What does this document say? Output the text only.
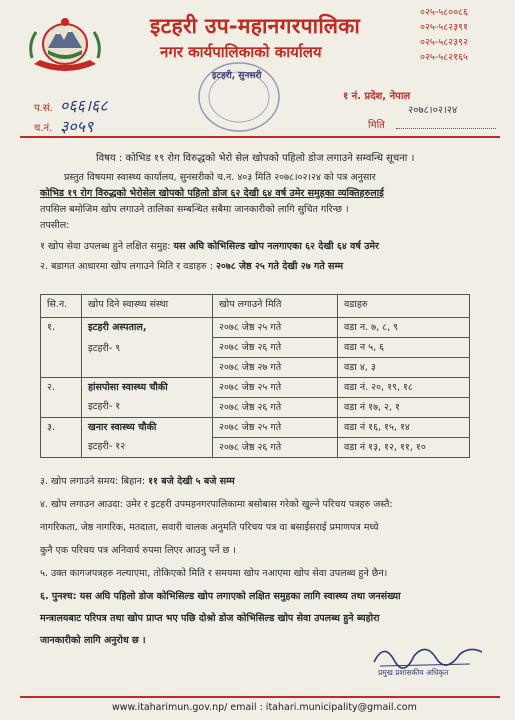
इटहरी उप-महानगरपालिका
नगर कार्यपालिकाको कार्यालय
०२५-५८००८६
०२५-५८२३९१
०२५-५८२३९२
०२५-५८२१६५
इटहरी, सुनसरी
१ नं. प्रदेश, नेपाल
२०७८।०२।२४
मिति
प.सं. ०६६।६८
च.नं. ३०५९
विषय : कोभिड १९ रोग विरुद्धको भेरो सेल खोपको पहिलो डोज लगाउने सम्वन्धि सूचना ।
प्रस्तुत विषयमा स्वास्थ्य कार्यालय, सुनसरीको च.न. ४०३ मिति २०७८।०२।२४ को पत्र अनुसार
कोभिड १९ रोग विरुद्धको भेरोसेल खोपको पहिलो डोज ६२ देखी ६४ वर्ष उमेर समुहका व्यक्तिहरुलाई
तपसिल बमोजिम खोप लगाउने तालिका सम्बन्धित सबैमा जानकारीको लागि सुचित गरिन्छ ।
तपसील:
१ खोप सेवा उपलब्ध हुने लक्षित समुह: यस अघि कोभिसिल्ड खोप नलगाएका ६२ देखी ६४ वर्ष उमेर
२. बडागत आधारमा खोप लगाउने मिति र वडाहरु : २०७८ जेष्ठ २५ गते देखी २७ गते सम्म
सि.न.	खोप दिने स्वास्थ्य संस्था	खोप लगाउने मिति	वडाहरु
१.	इटहरी अस्पताल,
इटहरी- ९	२०७८ जेष्ठ २५ गते	वडा न. ७, ८, ९
		२०७८ जेष्ठ २६ गते	वडा न ५, ६
		२०७८ जेष्ठ २७ गते	वडा ४, ३
२.	हांसपोसा स्वास्थ्य चौकी
इटहरी- १	२०७८ जेष्ठ २५ गते	वडा नं. २०, १९, १८
		२०७८ जेष्ठ २६ गते	वडा नं १७, २, १
३.	खनार स्वास्थ्य चौकी
इटहरी- १२	२०७८ जेष्ठ २५ गते	वडा नं १६, १५, १४
		२०७८ जेष्ठ २६ गते	वडा नं १३, १२, ११, १०
३. खोप लगाउने समय: बिहान: ११ बजे देखी ५ बजे सम्म
४. खोप लगाउन आउदा: उमेर र इटहरी उपमहनगरपालिकामा बसोबास गरेको खुल्ने परिचय पत्रहरु जस्तै:
नागरिकता, जेष्ठ नागरिक, मतदाता, सवारी चालक अनुमति परिचय पत्र वा बसाईसराई प्रमाणपत्र मध्ये
कुनै एक परिचय पत्र अनिवार्य रुपमा लिएर आउनु पर्ने छ ।
५. उक्त कागजपत्रहरु नल्याएमा, तोकिएको मिति र समयमा खोप नआएमा खोप सेवा उपलब्ध हुने छैन।
६. पुनश्च: यस अघि पहिलो डोज कोभिसिल्ड खोप लगाएको लक्षित समुहका लागि स्वास्थ्य तथा जनसंख्या
मन्त्रालयबाट परिपत्र तथा खोप प्राप्त भए पछि दोश्रो डोज कोभिसिल्ड खोप सेवा उपलब्ध हुने ब्यहोरा
जानकारीको लागि अनुरोध छ ।
प्रमुख प्रशासकीय अधिकृत
www.itaharimun.gov.np/ email : itahari.municipality@gmail.com
